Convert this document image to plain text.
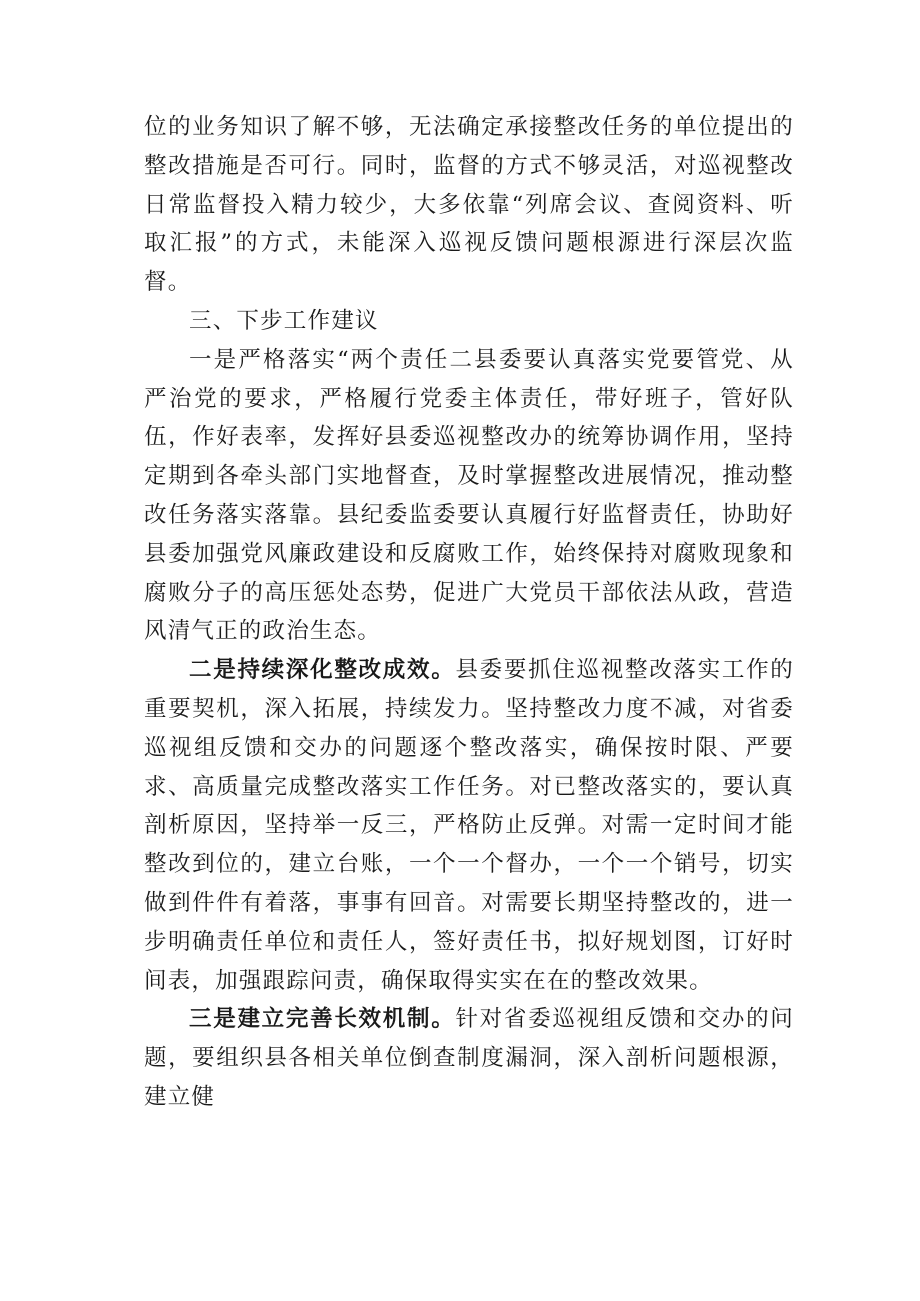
位的业务知识了解不够，无法确定承接整改任务的单位提出的整改措施是否可行。同时，监督的方式不够灵活，对巡视整改日常监督投入精力较少，大多依靠“列席会议、查阅资料、听取汇报”的方式，未能深入巡视反馈问题根源进行深层次监督。

三、下步工作建议

一是严格落实“两个责任二县委要认真落实党要管党、从严治党的要求，严格履行党委主体责任，带好班子，管好队伍，作好表率，发挥好县委巡视整改办的统筹协调作用，坚持定期到各牵头部门实地督查，及时掌握整改进展情况，推动整改任务落实落靠。县纪委监委要认真履行好监督责任，协助好县委加强党风廉政建设和反腐败工作，始终保持对腐败现象和腐败分子的高压惩处态势，促进广大党员干部依法从政，营造风清气正的政治生态。

二是持续深化整改成效。县委要抓住巡视整改落实工作的重要契机，深入拓展，持续发力。坚持整改力度不减，对省委巡视组反馈和交办的问题逐个整改落实，确保按时限、严要求、高质量完成整改落实工作任务。对已整改落实的，要认真剖析原因，坚持举一反三，严格防止反弹。对需一定时间才能整改到位的，建立台账，一个一个督办，一个一个销号，切实做到件件有着落，事事有回音。对需要长期坚持整改的，进一步明确责任单位和责任人，签好责任书，拟好规划图，订好时间表，加强跟踪问责，确保取得实实在在的整改效果。

三是建立完善长效机制。针对省委巡视组反馈和交办的问题，要组织县各相关单位倒查制度漏洞，深入剖析问题根源，建立健
